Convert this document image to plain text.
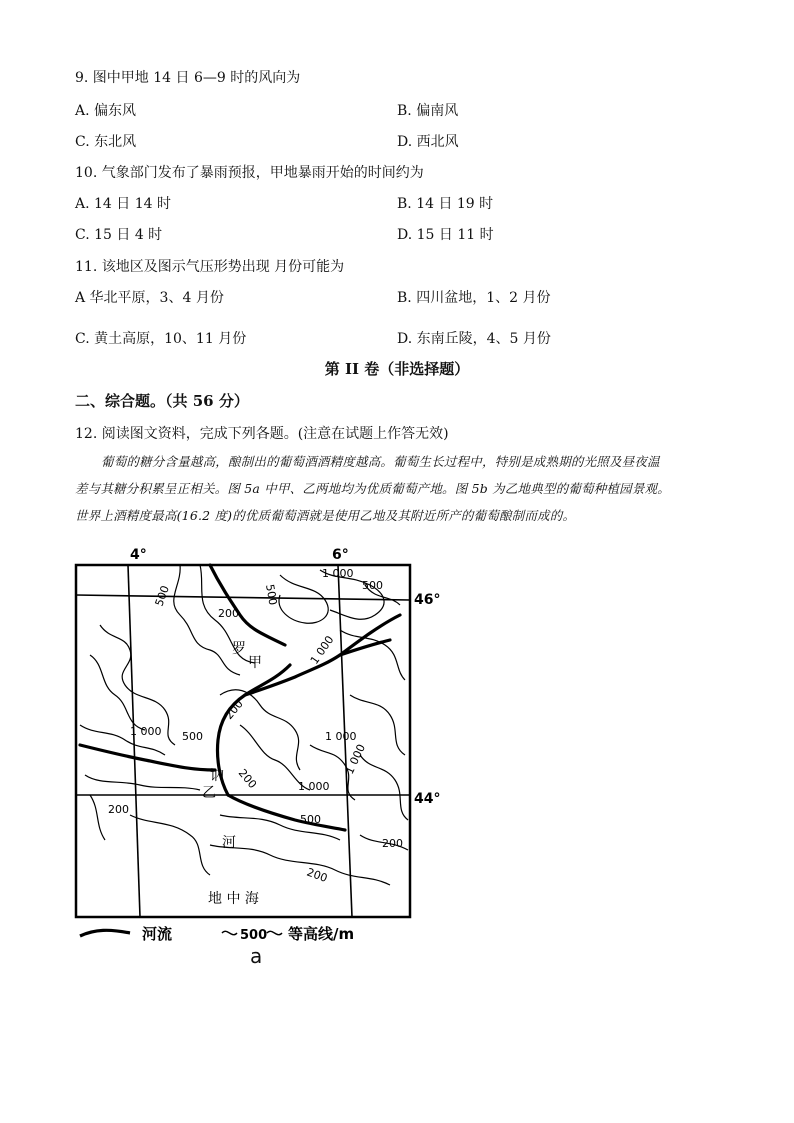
9. 图中甲地 14 日 6—9 时的风向为
A. 偏东风	B. 偏南风
C. 东北风	D. 西北风
10. 气象部门发布了暴雨预报，甲地暴雨开始的时间约为
A. 14 日 14 时	B. 14 日 19 时
C. 15 日 4 时	D. 15 日 11 时
11. 该地区及图示气压形势出现 月份可能为
A 华北平原，3、4 月份	B. 四川盆地，1、2 月份
C. 黄土高原，10、11 月份	D. 东南丘陵，4、5 月份
第 II 卷（非选择题）
二、综合题。（共 56 分）
12. 阅读图文资料，完成下列各题。(注意在试题上作答无效)
葡萄的糖分含量越高，酿制出的葡萄酒酒精度越高。葡萄生长过程中，特别是成熟期的光照及昼夜温
差与其糖分积累呈正相关。图 5a 中甲、乙两地均为优质葡萄产地。图 5b 为乙地典型的葡萄种植园景观。
世界上酒精度最高(16.2 度)的优质葡萄酒就是使用乙地及其附近所产的葡萄酿制而成的。
4°	6°
46°
44°
罗
甲
讷
乙
河
地 中 海
500
1 000
500
200
500
1 000
200
1 000
1 000
1 000
1 000
200
500
200
500
200
200
河流	500 等高线/m
a
